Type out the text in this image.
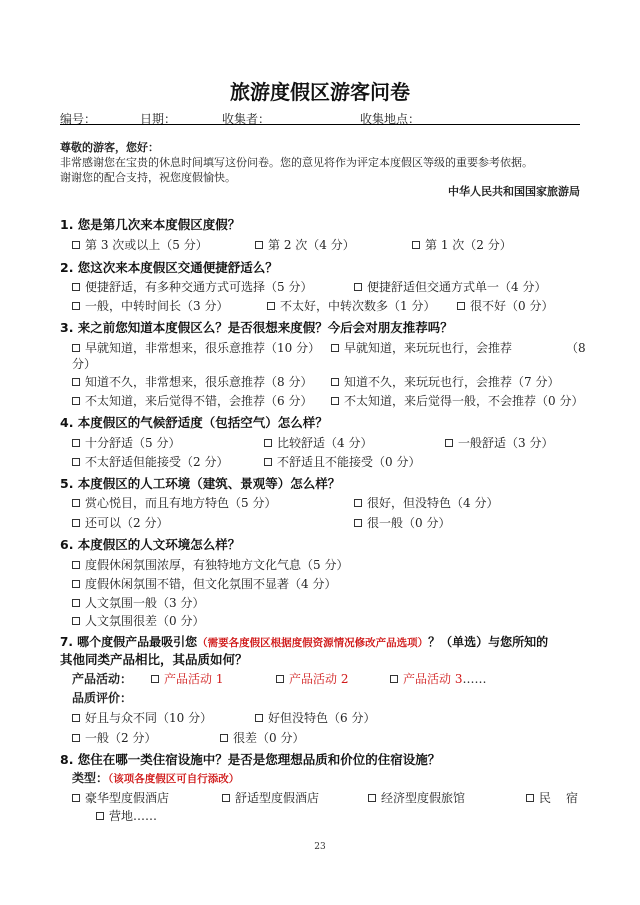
旅游度假区游客问卷
编号：	日期：	收集者：	收集地点：
尊敬的游客，您好：
非常感谢您在宝贵的休息时间填写这份问卷。您的意见将作为评定本度假区等级的重要参考依据。
谢谢您的配合支持，祝您度假愉快。
中华人民共和国国家旅游局
1. 您是第几次来本度假区度假？
第 3 次或以上（5 分）	第 2 次（4 分）	第 1 次（2 分）
2. 您这次来本度假区交通便捷舒适么？
便捷舒适，有多种交通方式可选择（5 分）	便捷舒适但交通方式单一（4 分）
一般，中转时间长（3 分）	不太好，中转次数多（1 分）	很不好（0 分）
3. 来之前您知道本度假区么？是否很想来度假？今后会对朋友推荐吗？
早就知道，非常想来，很乐意推荐（10 分）	早就知道，来玩玩也行，会推荐	（8
分）
知道不久，非常想来，很乐意推荐（8 分）	知道不久，来玩玩也行，会推荐（7 分）
不太知道，来后觉得不错，会推荐（6 分）	不太知道，来后觉得一般，不会推荐（0 分）
4. 本度假区的气候舒适度（包括空气）怎么样？
十分舒适（5 分）	比较舒适（4 分）	一般舒适（3 分）
不太舒适但能接受（2 分）	不舒适且不能接受（0 分）
5. 本度假区的人工环境（建筑、景观等）怎么样？
赏心悦目，而且有地方特色（5 分）	很好，但没特色（4 分）
还可以（2 分）	很一般（0 分）
6. 本度假区的人文环境怎么样？
度假休闲氛围浓厚，有独特地方文化气息（5 分）
度假休闲氛围不错，但文化氛围不显著（4 分）
人文氛围一般（3 分）
人文氛围很差（0 分）
7. 哪个度假产品最吸引您（需要各度假区根据度假资源情况修改产品选项）？（单选）与您所知的
其他同类产品相比，其品质如何？
产品活动：	产品活动 1	产品活动 2	产品活动 3……
品质评价：
好且与众不同（10 分）	好但没特色（6 分）
一般（2 分）	很差（0 分）
8. 您住在哪一类住宿设施中？是否是您理想品质和价位的住宿设施？
类型：（该项各度假区可自行添改）
豪华型度假酒店	舒适型度假酒店	经济型度假旅馆	民 宿
营地……
23
